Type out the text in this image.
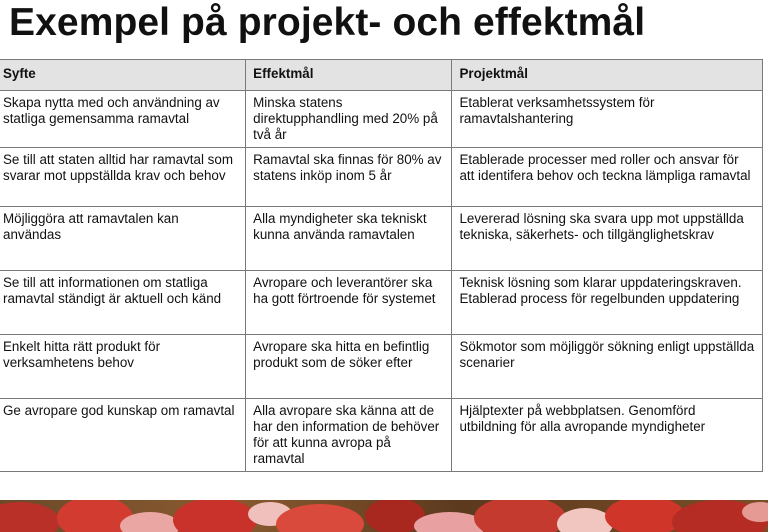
Exempel på projekt- och effektmål
Syfte	Effektmål	Projektmål
Skapa nytta med och användning av statliga gemensamma ramavtal	Minska statens direktupphandling med 20% på två år	Etablerat verksamhetssystem för ramavtalshantering
Se till att staten alltid har ramavtal som svarar mot uppställda krav och behov	Ramavtal ska finnas för 80% av statens inköp inom 5 år	Etablerade processer med roller och ansvar för att identifera behov och teckna lämpliga ramavtal
Möjliggöra att ramavtalen kan användas	Alla myndigheter ska tekniskt kunna använda ramavtalen	Levererad lösning ska svara upp mot uppställda tekniska, säkerhets- och tillgänglighetskrav
Se till att informationen om statliga ramavtal ständigt är aktuell och känd	Avropare och leverantörer ska ha gott förtroende för systemet	Teknisk lösning som klarar uppdateringskraven. Etablerad process för regelbunden uppdatering
Enkelt hitta rätt produkt för verksamhetens behov	Avropare ska hitta en befintlig produkt som de söker efter	Sökmotor som möjliggör sökning enligt uppställda scenarier
Ge avropare god kunskap om ramavtal	Alla avropare ska känna att de har den information de behöver för att kunna avropa på ramavtal	Hjälptexter på webbplatsen. Genomförd utbildning för alla avropande myndigheter
